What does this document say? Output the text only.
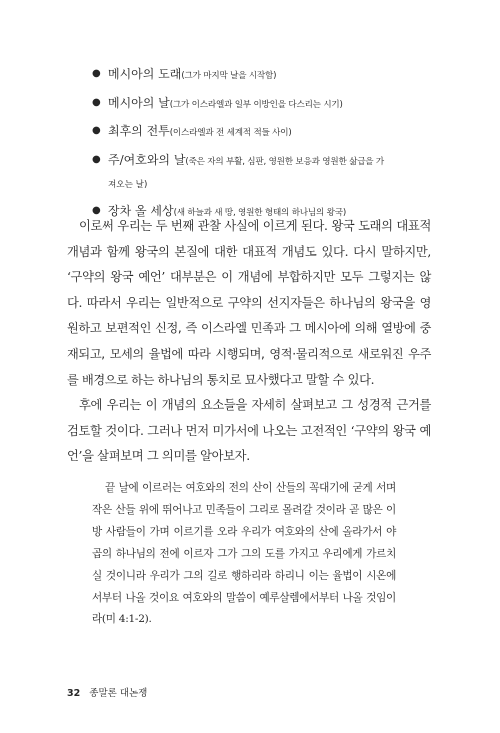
● 메시아의 도래(그가 마지막 날을 시작함)
● 메시아의 날(그가 이스라엘과 일부 이방인을 다스리는 시기)
● 최후의 전투(이스라엘과 전 세계적 적들 사이)
● 주/여호와의 날(죽은 자의 부활, 심판, 영원한 보응과 영원한 삶급을 가
져오는 날)
● 장차 올 세상(새 하늘과 새 땅, 영원한 형태의 하나님의 왕국)

이로써 우리는 두 번째 관찰 사실에 이르게 된다. 왕국 도래의 대표적 개념과 함께 왕국의 본질에 대한 대표적 개념도 있다. 다시 말하지만, ‘구약의 왕국 예언’ 대부분은 이 개념에 부합하지만 모두 그렇지는 않다. 따라서 우리는 일반적으로 구약의 선지자들은 하나님의 왕국을 영원하고 보편적인 신정, 즉 이스라엘 민족과 그 메시아에 의해 열방에 중재되고, 모세의 율법에 따라 시행되며, 영적·물리적으로 새로워진 우주를 배경으로 하는 하나님의 통치로 묘사했다고 말할 수 있다.

후에 우리는 이 개념의 요소들을 자세히 살펴보고 그 성경적 근거를 검토할 것이다. 그러나 먼저 미가서에 나오는 고전적인 ‘구약의 왕국 예언’을 살펴보며 그 의미를 알아보자.

끝 날에 이르러는 여호와의 전의 산이 산들의 꼭대기에 굳게 서며 작은 산들 위에 뛰어나고 민족들이 그리로 몰려갈 것이라 곧 많은 이방 사람들이 가며 이르기를 오라 우리가 여호와의 산에 올라가서 야곱의 하나님의 전에 이르자 그가 그의 도를 가지고 우리에게 가르치실 것이니라 우리가 그의 길로 행하리라 하리니 이는 율법이 시온에서부터 나올 것이요 여호와의 말씀이 예루살렘에서부터 나올 것임이라(미 4:1-2).

32 종말론 대논쟁
